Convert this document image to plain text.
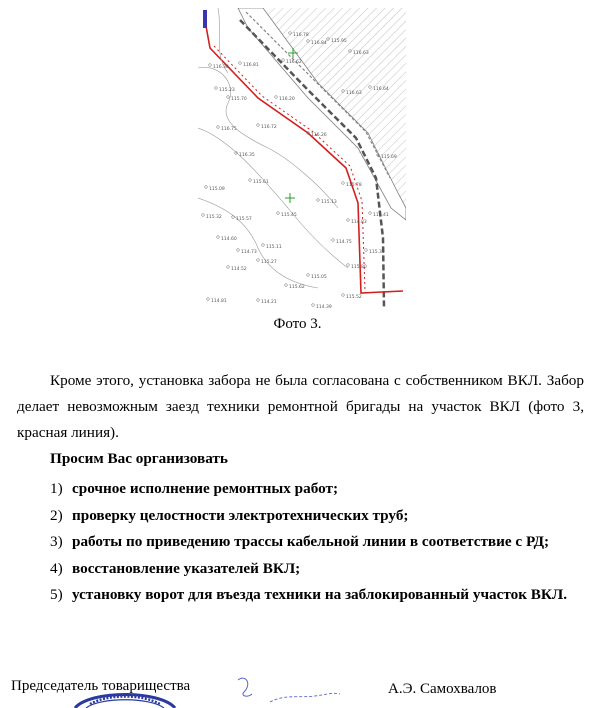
116.78
115.95
116.84
116.63
116.30	116.81
116.62
115.23
115.70	116.20
116.63
116.75	116.72
116.64
116.26
116.35
115.09
115.61
115.78
115.32	115.57
115.45
115.13
114.83
114.60
114.73
115.11
114.75
114.41
114.52
115.27
115.05
115.80
115.62
115.36
115.69
114.39
114.21
115.52
114.81
Фото 3.

Кроме этого, установка забора не была согласована с собственником ВКЛ. Забор делает невозможным заезд техники ремонтной бригады на участок ВКЛ (фото 3, красная линия).

Просим Вас организовать
1) срочное исполнение ремонтных работ;
2) проверку целостности электротехнических труб;
3) работы по приведению трассы кабельной линии в соответствие с РД;
4) восстановление указателей ВКЛ;
5) установку ворот для въезда техники на заблокированный участок ВКЛ.
Председатель товарищества	А.Э. Самохвалов
